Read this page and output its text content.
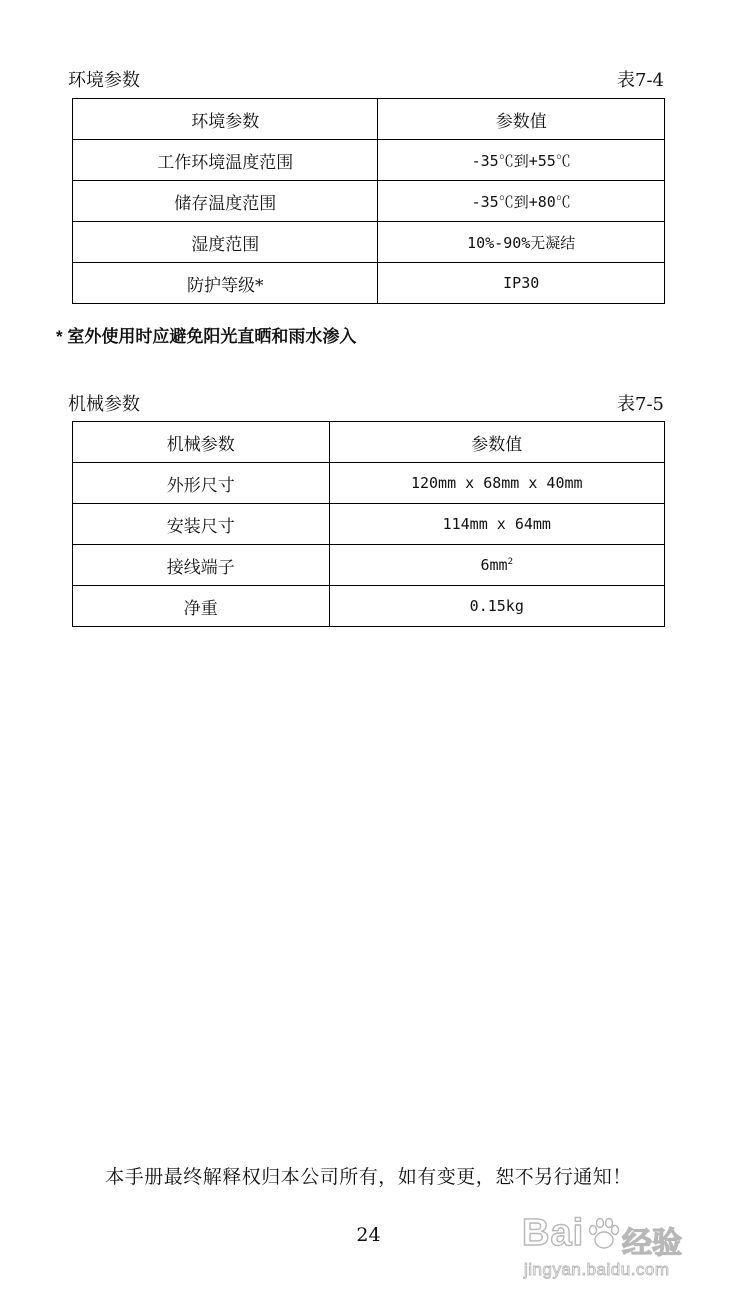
环境参数	表7-4
环境参数	参数值
工作环境温度范围	-35℃到+55℃
储存温度范围	-35℃到+80℃
湿度范围	10%-90%无凝结
防护等级*	IP30
* 室外使用时应避免阳光直晒和雨水渗入
机械参数	表7-5
机械参数	参数值
外形尺寸	120mm x 68mm x 40mm
安装尺寸	114mm x 64mm
接线端子	$6mm^2$
净重	0.15kg
本手册最终解释权归本公司所有，如有变更，恕不另行通知！
24	Bai 经验
jingyan.baidu.com
